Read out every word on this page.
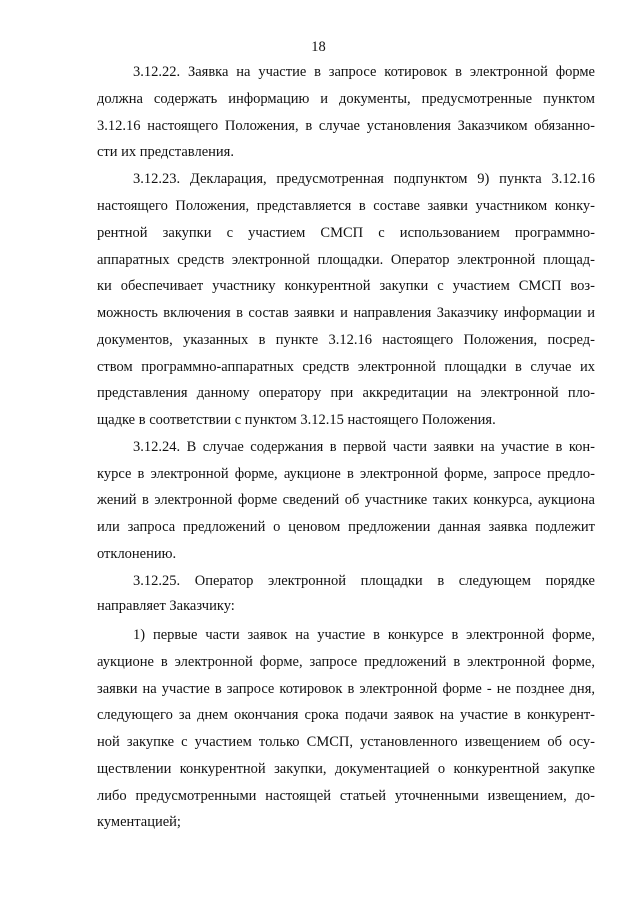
18
3.12.22. Заявка на участие в запросе котировок в электронной форме
должна содержать информацию и документы, предусмотренные пунктом
3.12.16 настоящего Положения, в случае установления Заказчиком обязанно-
сти их представления.
3.12.23. Декларация, предусмотренная подпунктом 9) пункта 3.12.16
настоящего Положения, представляется в составе заявки участником конку-
рентной закупки с участием СМСП с использованием программно-
аппаратных средств электронной площадки. Оператор электронной площад-
ки обеспечивает участнику конкурентной закупки с участием СМСП воз-
можность включения в состав заявки и направления Заказчику информации и
документов, указанных в пункте 3.12.16 настоящего Положения, посред-
ством программно-аппаратных средств электронной площадки в случае их
представления данному оператору при аккредитации на электронной пло-
щадке в соответствии с пунктом 3.12.15 настоящего Положения.
3.12.24. В случае содержания в первой части заявки на участие в кон-
курсе в электронной форме, аукционе в электронной форме, запросе предло-
жений в электронной форме сведений об участнике таких конкурса, аукциона
или запроса предложений о ценовом предложении данная заявка подлежит
отклонению.
3.12.25. Оператор электронной площадки в следующем порядке
направляет Заказчику:
1) первые части заявок на участие в конкурсе в электронной форме,
аукционе в электронной форме, запросе предложений в электронной форме,
заявки на участие в запросе котировок в электронной форме - не позднее дня,
следующего за днем окончания срока подачи заявок на участие в конкурент-
ной закупке с участием только СМСП, установленного извещением об осу-
ществлении конкурентной закупки, документацией о конкурентной закупке
либо предусмотренными настоящей статьей уточненными извещением, до-
кументацией;
